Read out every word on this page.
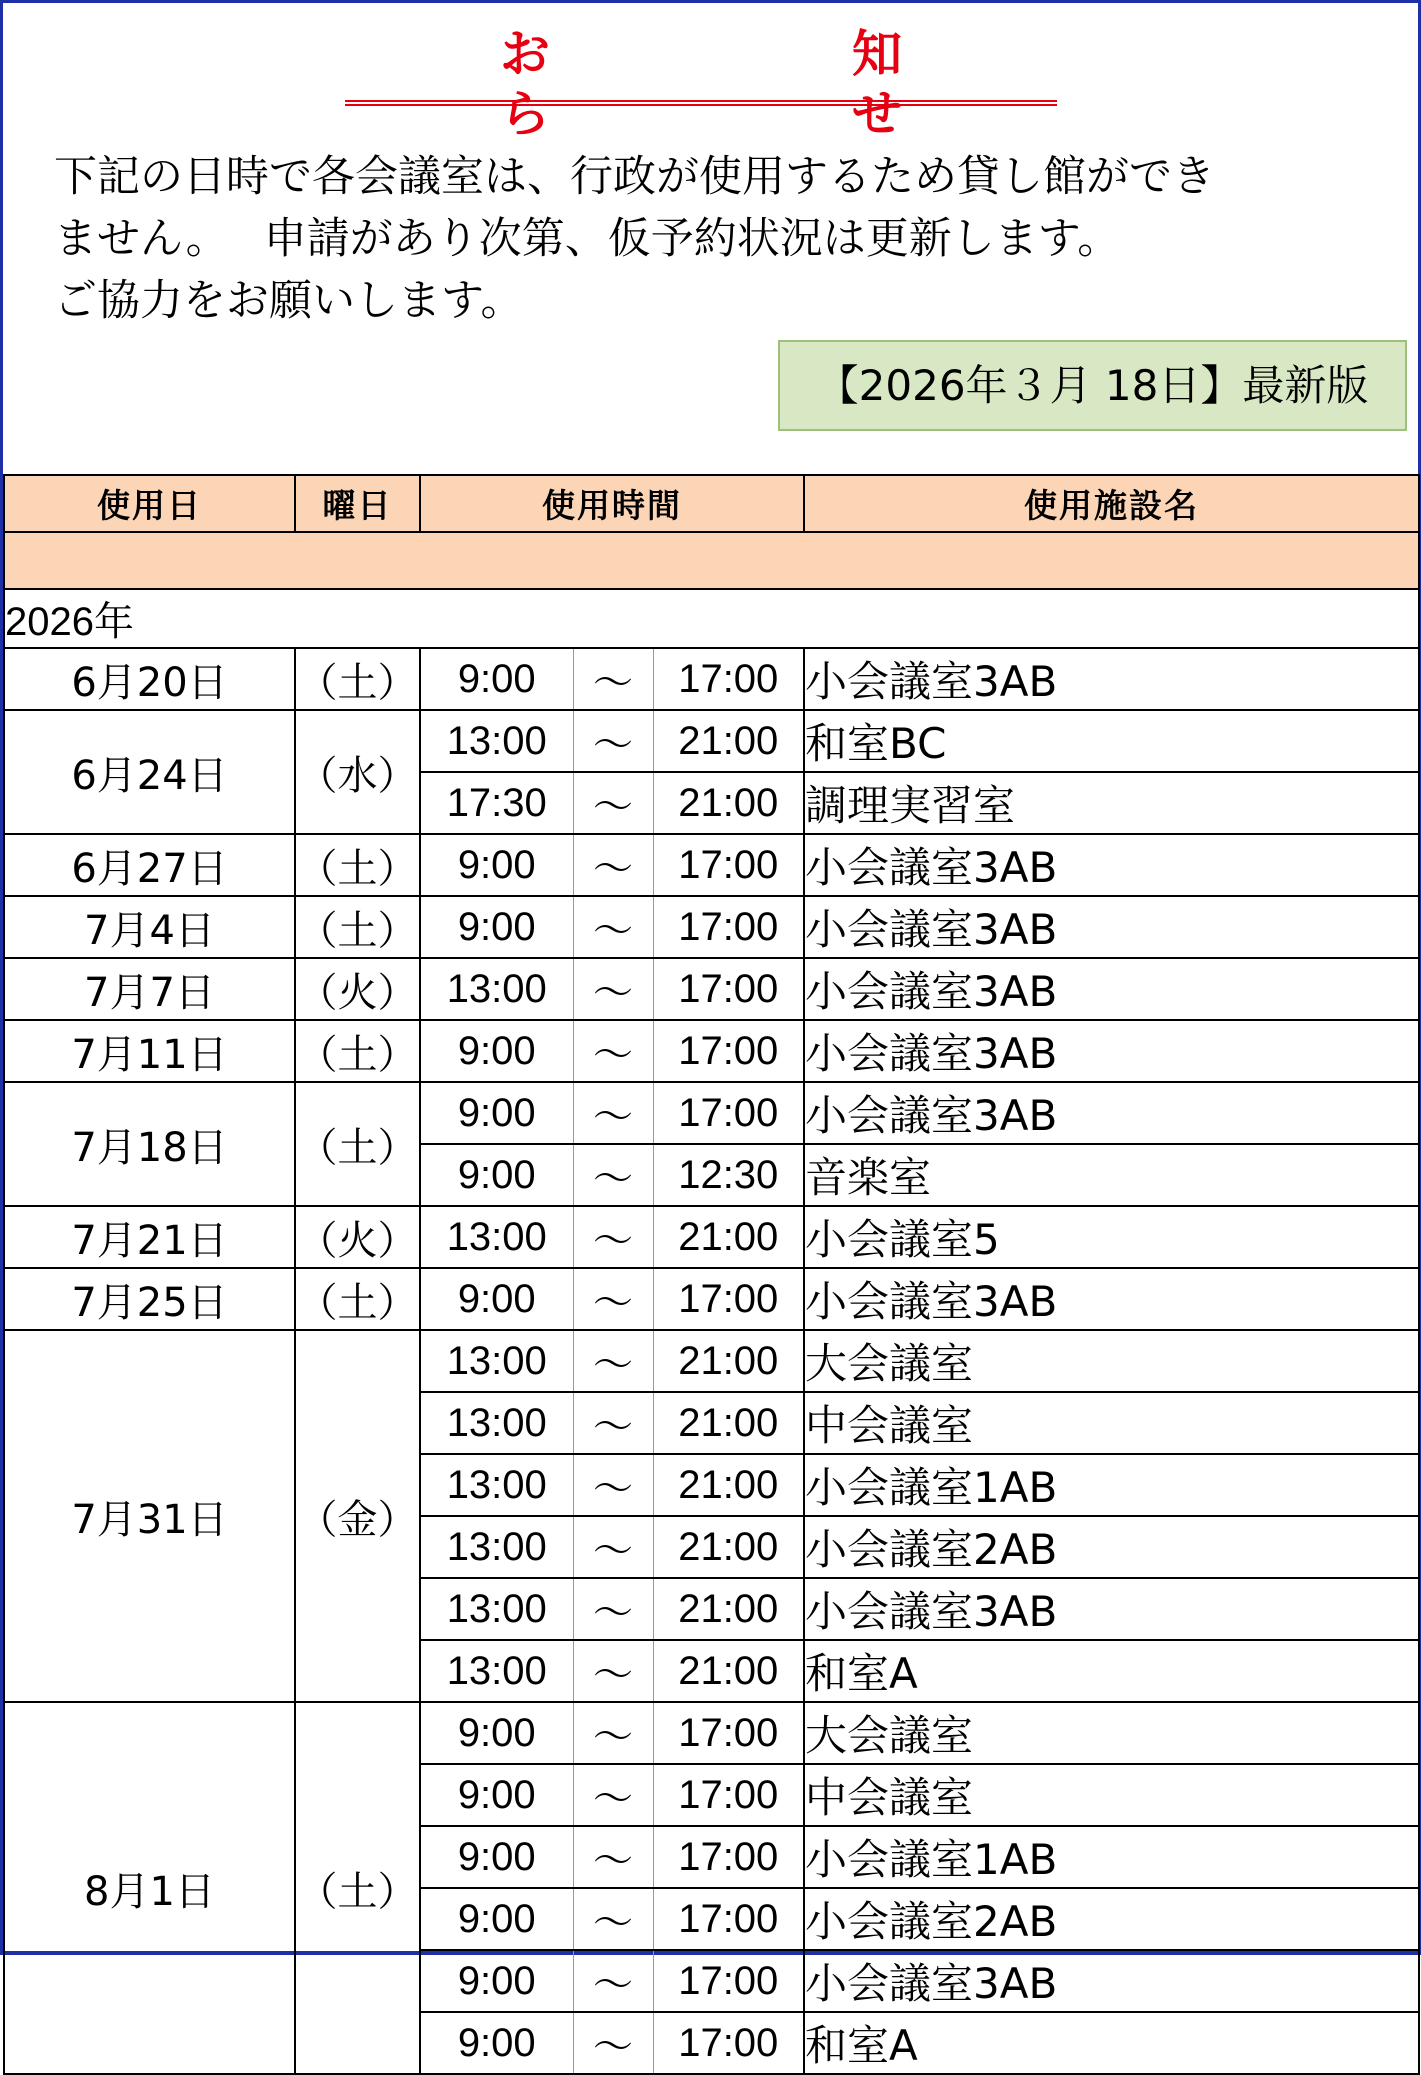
お　知　ら　せ
下記の日時で各会議室は、行政が使用するため貸し館ができ
ません。　 申請があり次第、仮予約状況は更新します。
ご協力をお願いします。
【2026年３月 18日】最新版
使用日	曜日	使用時間			使用施設名

2026年					
6月20日	（土）	9:00	～	17:00	小会議室3AB
6月24日	（水）	13:00	～	21:00	和室BC
		17:30	～	21:00	調理実習室
6月27日	（土）	9:00	～	17:00	小会議室3AB
7月4日	（土）	9:00	～	17:00	小会議室3AB
7月7日	（火）	13:00	～	17:00	小会議室3AB
7月11日	（土）	9:00	～	17:00	小会議室3AB
7月18日	（土）	9:00	～	17:00	小会議室3AB
		9:00	～	12:30	音楽室
7月21日	（火）	13:00	～	21:00	小会議室5
7月25日	（土）	9:00	～	17:00	小会議室3AB
7月31日	（金）	13:00	～	21:00	大会議室
		13:00	～	21:00	中会議室
		13:00	～	21:00	小会議室1AB
		13:00	～	21:00	小会議室2AB
		13:00	～	21:00	小会議室3AB
		13:00	～	21:00	和室A
8月1日	（土）	9:00	～	17:00	大会議室
		9:00	～	17:00	中会議室
		9:00	～	17:00	小会議室1AB
		9:00	～	17:00	小会議室2AB
		9:00	～	17:00	小会議室3AB
		9:00	～	17:00	和室A
